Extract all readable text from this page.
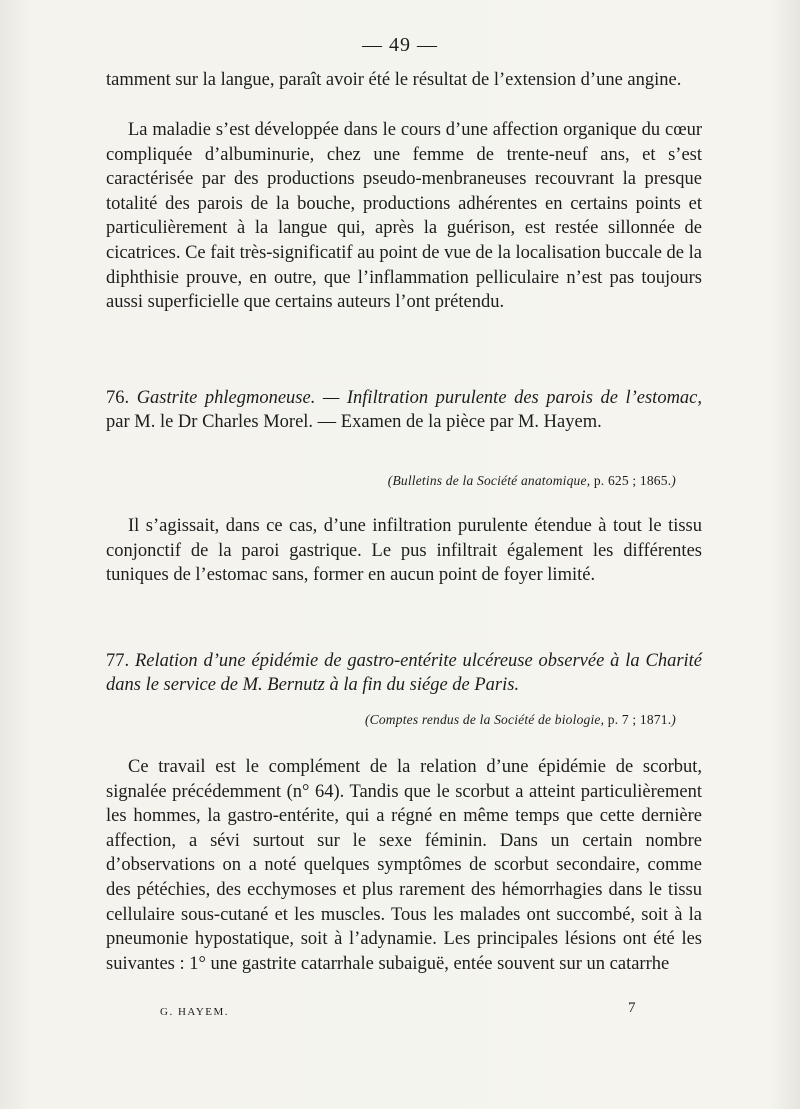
— 49 —

tamment sur la langue, paraît avoir été le résultat de l’extension d’une angine.

La maladie s’est développée dans le cours d’une affection organique du cœur compliquée d’albuminurie, chez une femme de trente-neuf ans, et s’est caractérisée par des productions pseudo-menbraneuses recouvrant la presque totalité des parois de la bouche, productions adhérentes en certains points et particulièrement à la langue qui, après la guérison, est restée sillonnée de cicatrices. Ce fait très-significatif au point de vue de la localisation buccale de la diphthisie prouve, en outre, que l’inflammation pelliculaire n’est pas toujours aussi superficielle que certains auteurs l’ont prétendu.

76. Gastrite phlegmoneuse. — Infiltration purulente des parois de l’estomac, par M. le Dr Charles Morel. — Examen de la pièce par M. Hayem.
(Bulletins de la Société anatomique, p. 625 ; 1865.)

Il s’agissait, dans ce cas, d’une infiltration purulente étendue à tout le tissu conjonctif de la paroi gastrique. Le pus infiltrait également les différentes tuniques de l’estomac sans, former en aucun point de foyer limité.

77. Relation d’une épidémie de gastro-entérite ulcéreuse observée à la Charité dans le service de M. Bernutz à la fin du siége de Paris.
(Comptes rendus de la Société de biologie, p. 7 ; 1871.)

Ce travail est le complément de la relation d’une épidémie de scorbut, signalée précédemment (n° 64). Tandis que le scorbut a atteint particulièrement les hommes, la gastro-entérite, qui a régné en même temps que cette dernière affection, a sévi surtout sur le sexe féminin. Dans un certain nombre d’observations on a noté quelques symptômes de scorbut secondaire, comme des pétéchies, des ecchymoses et plus rarement des hémorrhagies dans le tissu cellulaire sous-cutané et les muscles. Tous les malades ont succombé, soit à la pneumonie hypostatique, soit à l’adynamie. Les principales lésions ont été les suivantes : 1° une gastrite catarrhale subaiguë, entée souvent sur un catarrhe

G. HAYEM.	7
